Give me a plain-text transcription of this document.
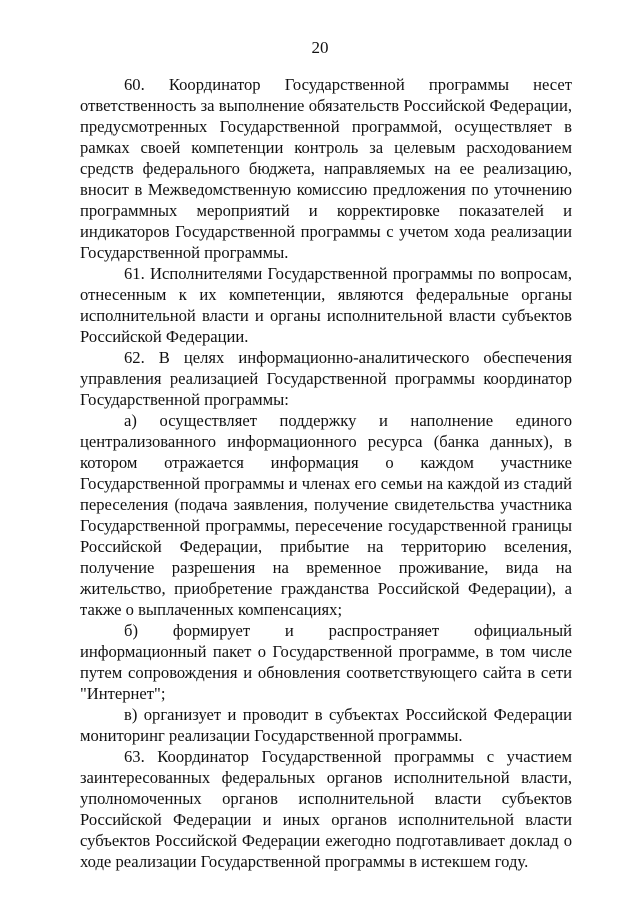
20

60. Координатор Государственной программы несет ответственность за выполнение обязательств Российской Федерации, предусмотренных Государственной программой, осуществляет в рамках своей компетенции контроль за целевым расходованием средств федерального бюджета, направляемых на ее реализацию, вносит в Межведомственную комиссию предложения по уточнению программных мероприятий и корректировке показателей и индикаторов Государственной программы с учетом хода реализации Государственной программы.

61. Исполнителями Государственной программы по вопросам, отнесенным к их компетенции, являются федеральные органы исполнительной власти и органы исполнительной власти субъектов Российской Федерации.

62. В целях информационно-аналитического обеспечения управления реализацией Государственной программы координатор Государственной программы:

а) осуществляет поддержку и наполнение единого централизованного информационного ресурса (банка данных), в котором отражается информация о каждом участнике Государственной программы и членах его семьи на каждой из стадий переселения (подача заявления, получение свидетельства участника Государственной программы, пересечение государственной границы Российской Федерации, прибытие на территорию вселения, получение разрешения на временное проживание, вида на жительство, приобретение гражданства Российской Федерации), а также о выплаченных компенсациях;

б) формирует и распространяет официальный информационный пакет о Государственной программе, в том числе путем сопровождения и обновления соответствующего сайта в сети "Интернет";

в) организует и проводит в субъектах Российской Федерации мониторинг реализации Государственной программы.

63. Координатор Государственной программы с участием заинтересованных федеральных органов исполнительной власти, уполномоченных органов исполнительной власти субъектов Российской Федерации и иных органов исполнительной власти субъектов Российской Федерации ежегодно подготавливает доклад о ходе реализации Государственной программы в истекшем году.
